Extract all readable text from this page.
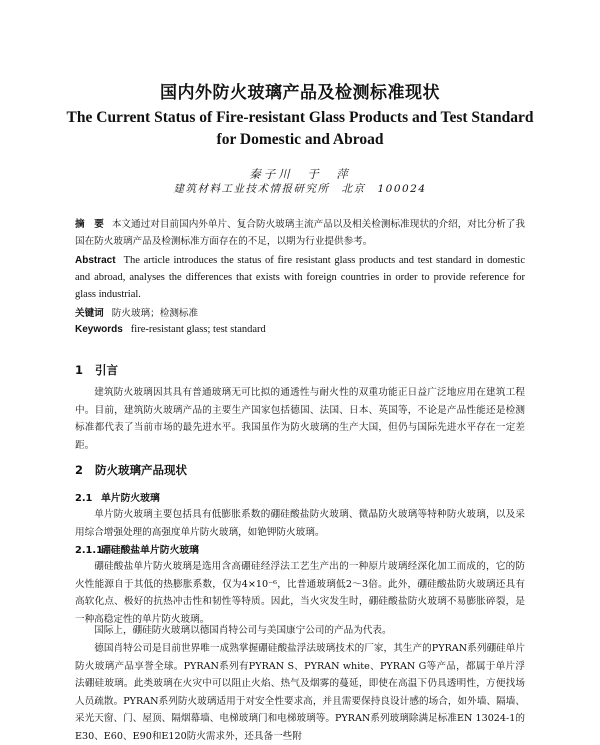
国内外防火玻璃产品及检测标准现状
The Current Status of Fire-resistant Glass Products and Test Standard for Domestic and Abroad
秦子川　于　萍
建筑材料工业技术情报研究所　北京　100024

摘　要 本文通过对目前国内外单片、复合防火玻璃主流产品以及相关检测标准现状的介绍，对比分析了我国在防火玻璃产品及检测标准方面存在的不足，以期为行业提供参考。

Abstract The article introduces the status of fire resistant glass products and test standard in domestic and abroad, analyses the differences that exists with foreign countries in order to provide reference for glass industrial.

关键词 防火玻璃；检测标准

Keywords fire-resistant glass; test standard

1 引言

建筑防火玻璃因其具有普通玻璃无可比拟的通透性与耐火性的双重功能正日益广泛地应用在建筑工程中。目前，建筑防火玻璃产品的主要生产国家包括德国、法国、日本、英国等，不论是产品性能还是检测标准都代表了当前市场的最先进水平。我国虽作为防火玻璃的生产大国，但仍与国际先进水平存在一定差距。

2 防火玻璃产品现状
2.1 单片防火玻璃

单片防火玻璃主要包括具有低膨胀系数的硼硅酸盐防火玻璃、微晶防火玻璃等特种防火玻璃，以及采用综合增强处理的高强度单片防火玻璃，如铯钾防火玻璃。

2.1.1硼硅酸盐单片防火玻璃

硼硅酸盐单片防火玻璃是选用含高硼硅经浮法工艺生产出的一种原片玻璃经深化加工而成的，它的防火性能源自于其低的热膨胀系数，仅为4×10⁻⁶，比普通玻璃低2～3倍。此外，硼硅酸盐防火玻璃还具有高软化点、极好的抗热冲击性和韧性等特质。因此，当火灾发生时，硼硅酸盐防火玻璃不易膨胀碎裂，是一种高稳定性的单片防火玻璃。

国际上，硼硅防火玻璃以德国肖特公司与美国康宁公司的产品为代表。

德国肖特公司是目前世界唯一成熟掌握硼硅酸盐浮法玻璃技术的厂家，其生产的PYRAN系列硼硅单片防火玻璃产品享誉全球。PYRAN系列有PYRAN S、PYRAN white、PYRAN G等产品，都属于单片浮法硼硅玻璃。此类玻璃在火灾中可以阻止火焰、热气及烟雾的蔓延，即使在高温下仍具透明性，方便找场人员疏散。PYRAN系列防火玻璃适用于对安全性要求高，并且需要保持良设计感的场合，如外墙、隔墙、采光天窗、门、屋顶、隔烟幕墙、电梯玻璃门和电梯玻璃等。PYRAN系列玻璃除满足标准EN 13024-1的E30、E60、E90和E120防火需求外，还具备一些附
